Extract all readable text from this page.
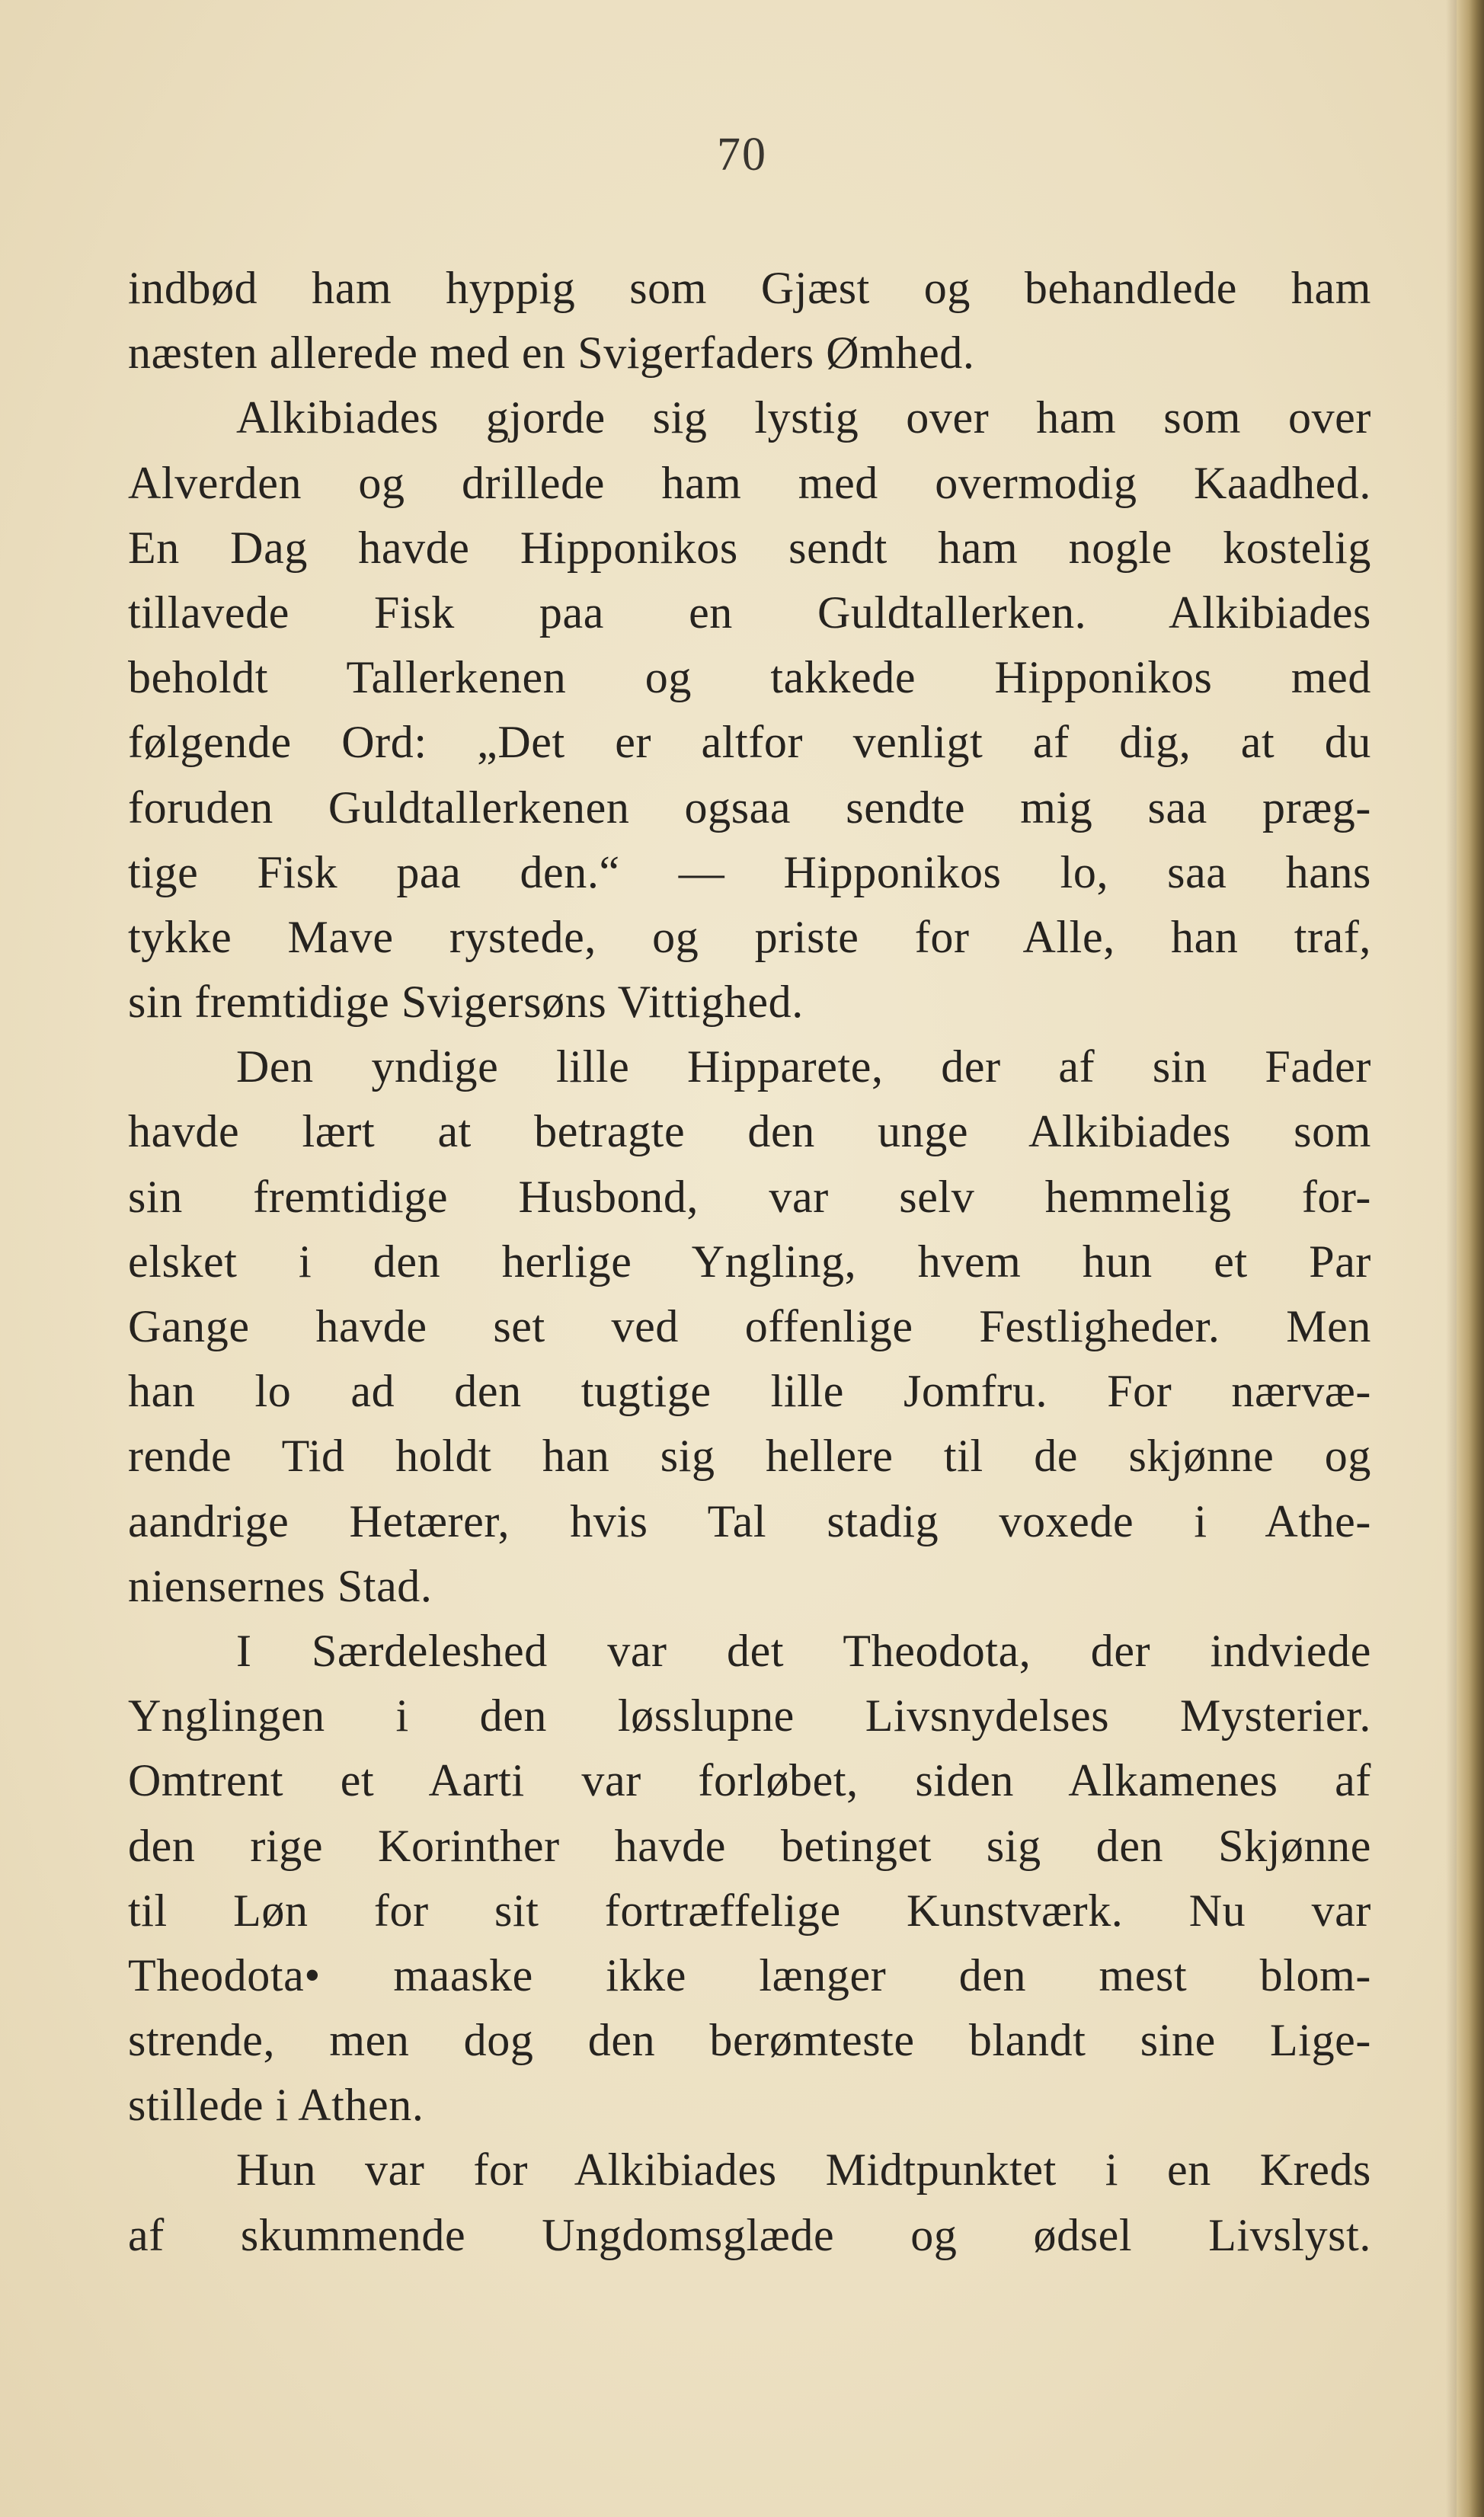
70
indbød ham hyppig som Gjæst og behandlede ham
næsten allerede med en Svigerfaders Ømhed.
Alkibiades gjorde sig lystig over ham som over
Alverden og drillede ham med overmodig Kaadhed.
En Dag havde Hipponikos sendt ham nogle kostelig
tillavede Fisk paa en Guldtallerken. Alkibiades
beholdt Tallerkenen og takkede Hipponikos med
følgende Ord: „Det er altfor venligt af dig, at du
foruden Guldtallerkenen ogsaa sendte mig saa præg-
tige Fisk paa den.“ — Hipponikos lo, saa hans
tykke Mave rystede, og priste for Alle, han traf,
sin fremtidige Svigersøns Vittighed.
Den yndige lille Hipparete, der af sin Fader
havde lært at betragte den unge Alkibiades som
sin fremtidige Husbond, var selv hemmelig for-
elsket i den herlige Yngling, hvem hun et Par
Gange havde set ved offenlige Festligheder. Men
han lo ad den tugtige lille Jomfru. For nærvæ-
rende Tid holdt han sig hellere til de skjønne og
aandrige Hetærer, hvis Tal stadig voxede i Athe-
niensernes Stad.
I Særdeleshed var det Theodota, der indviede
Ynglingen i den løsslupne Livsnydelses Mysterier.
Omtrent et Aarti var forløbet, siden Alkamenes af
den rige Korinther havde betinget sig den Skjønne
til Løn for sit fortræffelige Kunstværk. Nu var
Theodota• maaske ikke længer den mest blom-
strende, men dog den berømteste blandt sine Lige-
stillede i Athen.
Hun var for Alkibiades Midtpunktet i en Kreds
af skummende Ungdomsglæde og ødsel Livslyst.
